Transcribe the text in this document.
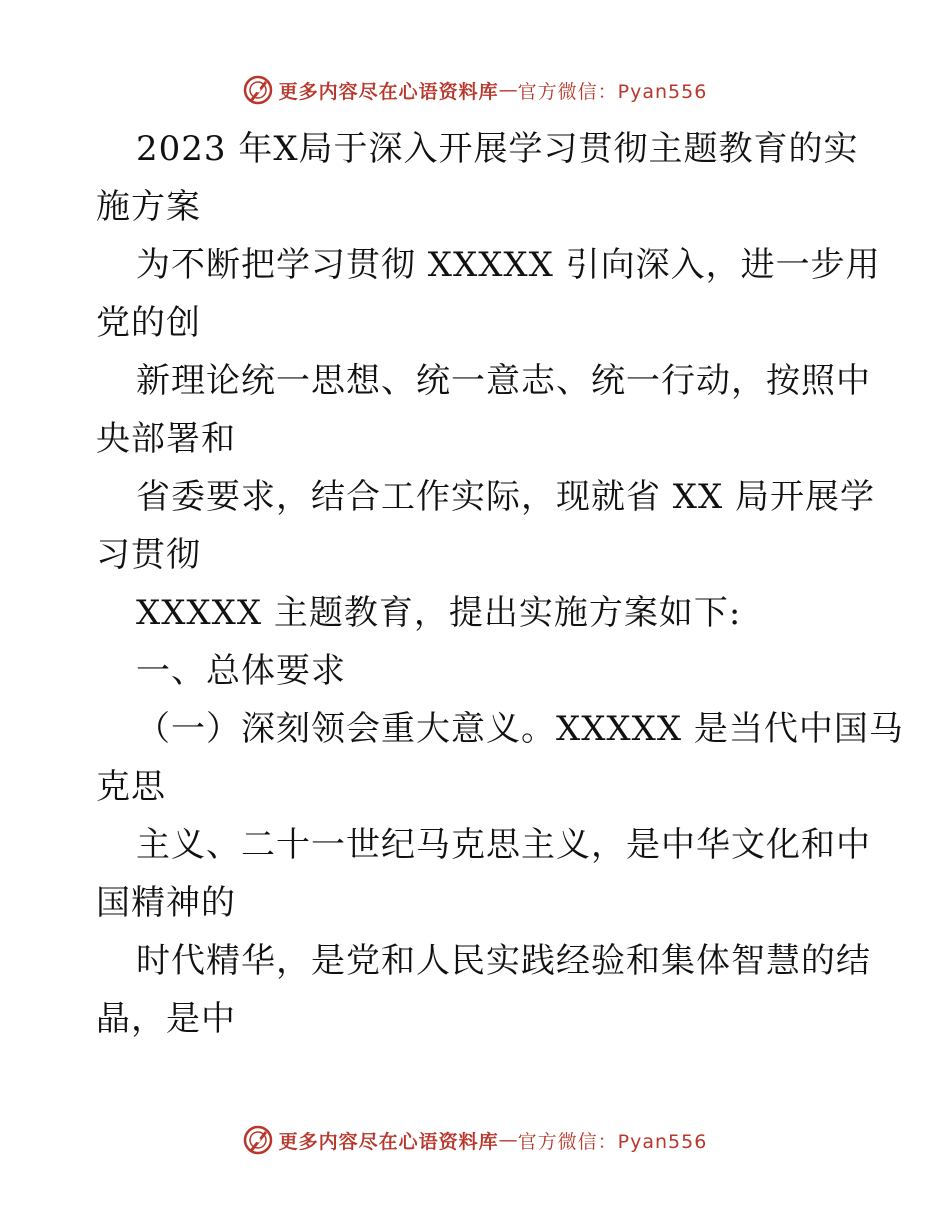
更多内容尽在心语资料库 — 官方微信：Pyan556
2023 年X局于深入开展学习贯彻主题教育的实
施方案
为不断把学习贯彻 XXXXX 引向深入，进一步用
党的创
新理论统一思想、统一意志、统一行动，按照中
央部署和
省委要求，结合工作实际，现就省 XX 局开展学
习贯彻
XXXXX 主题教育，提出实施方案如下:
一、总体要求
（一）深刻领会重大意义。XXXXX 是当代中国马
克思
主义、二十一世纪马克思主义，是中华文化和中
国精神的
时代精华，是党和人民实践经验和集体智慧的结
晶，是中
更多内容尽在心语资料库 — 官方微信：Pyan556
